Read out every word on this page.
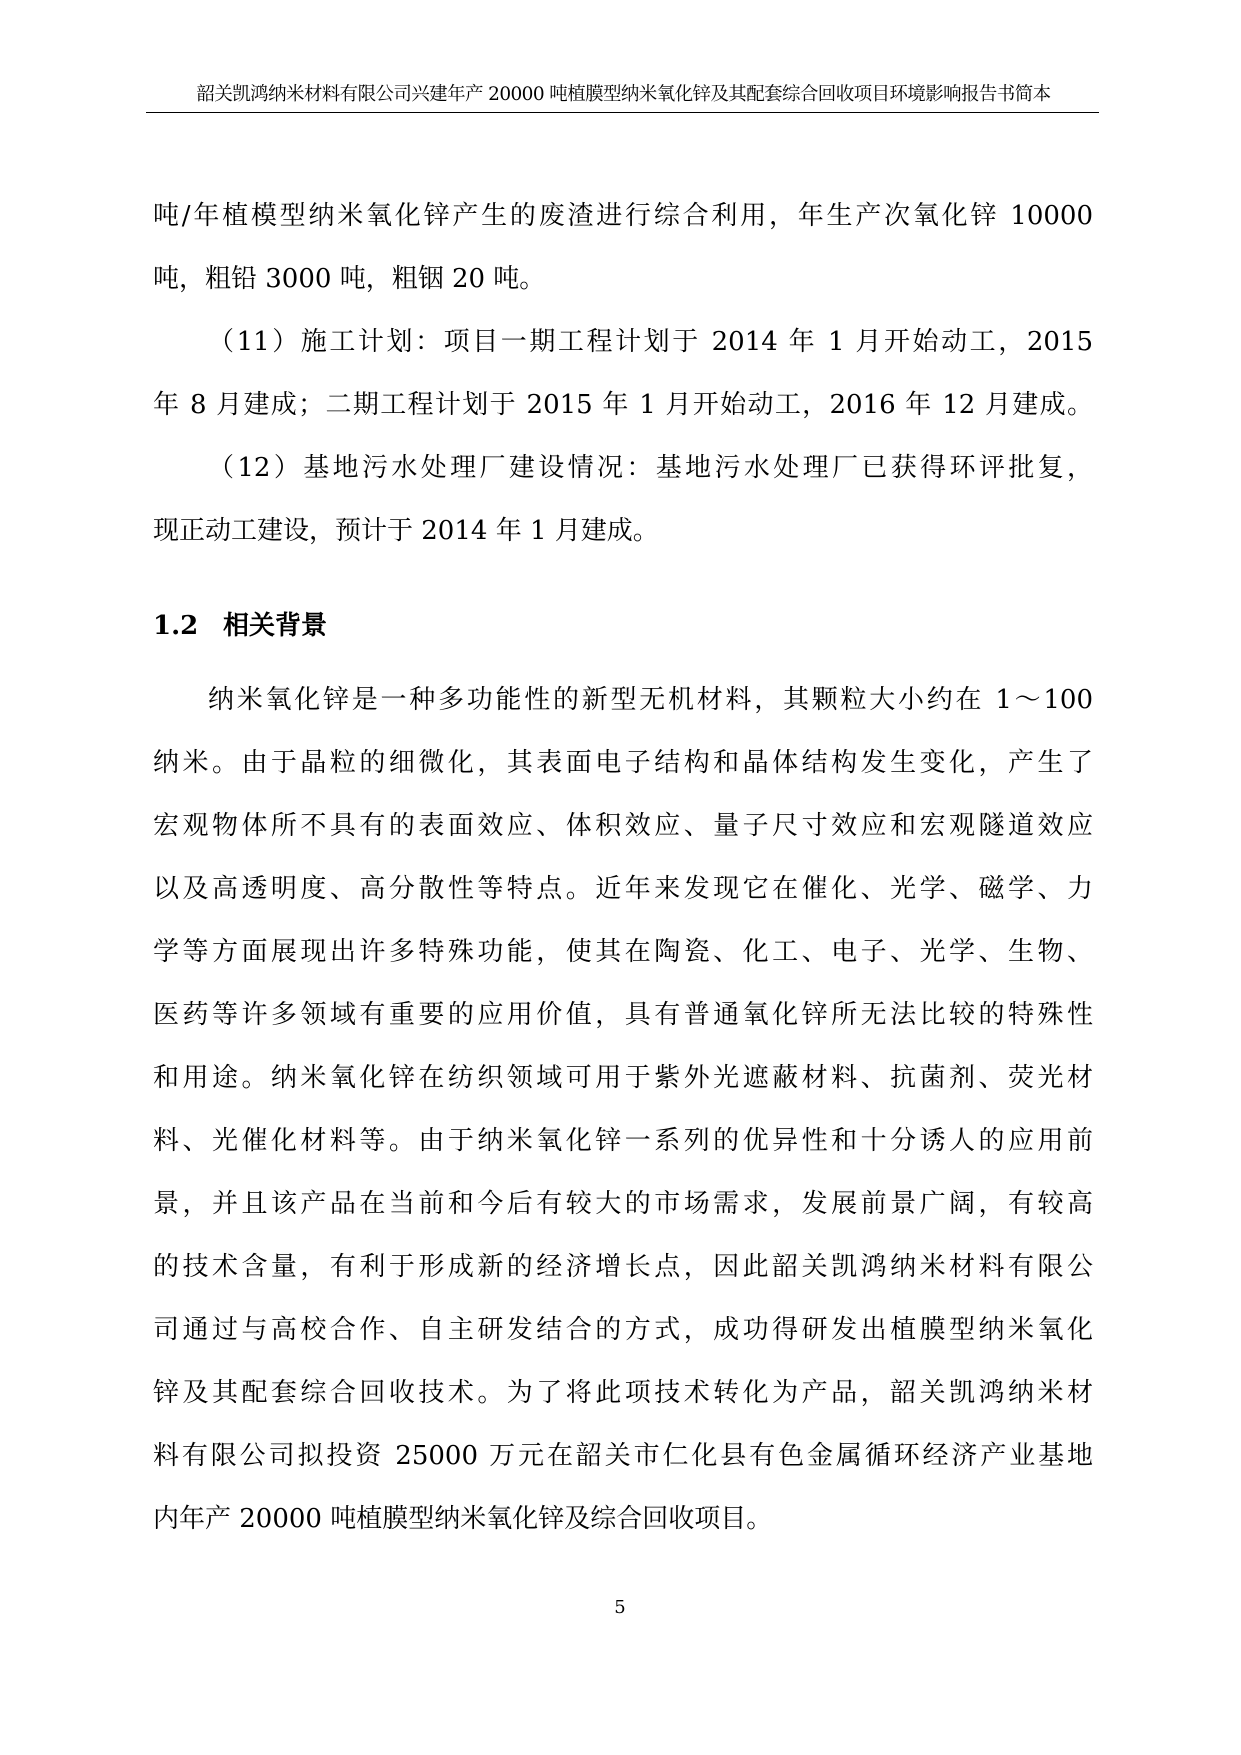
韶关凯鸿纳米材料有限公司兴建年产 20000 吨植膜型纳米氧化锌及其配套综合回收项目环境影响报告书简本
吨/年植模型纳米氧化锌产生的废渣进行综合利用，年生产次氧化锌 10000
吨，粗铅 3000 吨，粗铟 20 吨。
（11）施工计划：项目一期工程计划于 2014 年 1 月开始动工，2015
年 8 月建成；二期工程计划于 2015 年 1 月开始动工，2016 年 12 月建成。
（12）基地污水处理厂建设情况：基地污水处理厂已获得环评批复，
现正动工建设，预计于 2014 年 1 月建成。
1.2 相关背景
纳米氧化锌是一种多功能性的新型无机材料，其颗粒大小约在 1～100
纳米。由于晶粒的细微化，其表面电子结构和晶体结构发生变化，产生了
宏观物体所不具有的表面效应、体积效应、量子尺寸效应和宏观隧道效应
以及高透明度、高分散性等特点。近年来发现它在催化、光学、磁学、力
学等方面展现出许多特殊功能，使其在陶瓷、化工、电子、光学、生物、
医药等许多领域有重要的应用价值，具有普通氧化锌所无法比较的特殊性
和用途。纳米氧化锌在纺织领域可用于紫外光遮蔽材料、抗菌剂、荧光材
料、光催化材料等。由于纳米氧化锌一系列的优异性和十分诱人的应用前
景，并且该产品在当前和今后有较大的市场需求，发展前景广阔，有较高
的技术含量，有利于形成新的经济增长点，因此韶关凯鸿纳米材料有限公
司通过与高校合作、自主研发结合的方式，成功得研发出植膜型纳米氧化
锌及其配套综合回收技术。为了将此项技术转化为产品，韶关凯鸿纳米材
料有限公司拟投资 25000 万元在韶关市仁化县有色金属循环经济产业基地
内年产 20000 吨植膜型纳米氧化锌及综合回收项目。
5
